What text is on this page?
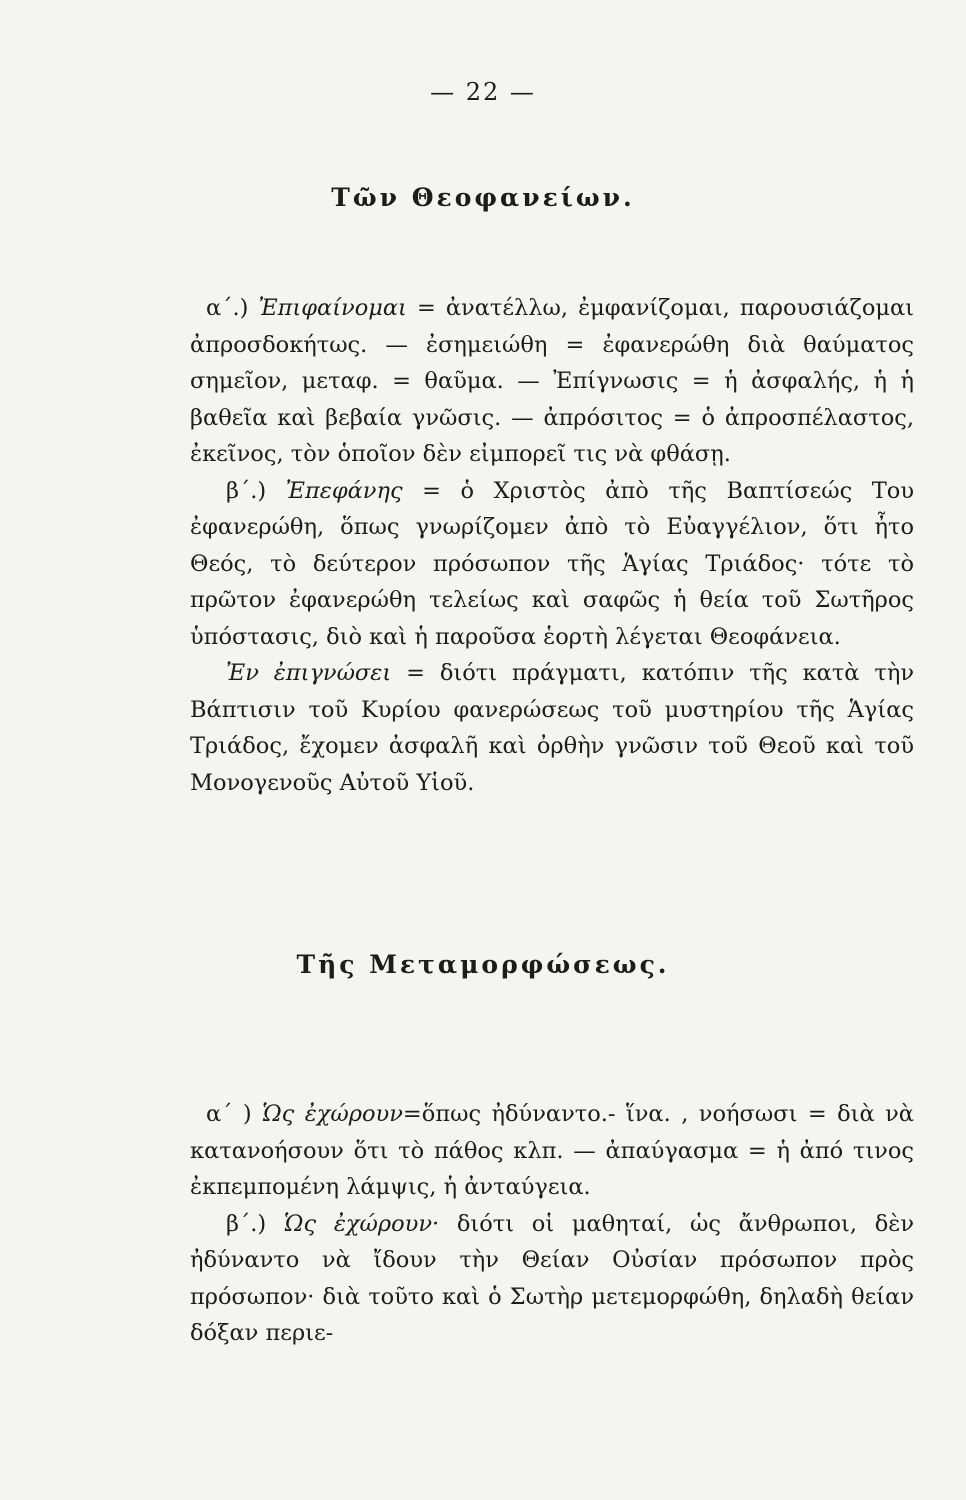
— 22 —
Τῶν Θεοφανείων.

α΄.) Ἐπιφαίνομαι = ἀνατέλλω, ἐμφανίζομαι, παρουσιάζομαι ἀπροσδοκήτως. — ἐσημειώθη = ἐφανερώθη διὰ θαύματος σημεῖον, μεταφ. = θαῦμα. — Ἐπίγνωσις = ἡ ἀσφαλής, ἡ ἡ βαθεῖα καὶ βεβαία γνῶσις. — ἀπρόσιτος = ὁ ἀπροσπέλαστος, ἐκεῖνος, τὸν ὁποῖον δὲν εἰμπορεῖ τις νὰ φθάσῃ.

β΄.) Ἐπεφάνης = ὁ Χριστὸς ἀπὸ τῆς Βαπτίσεώς Του ἐφανερώθη, ὅπως γνωρίζομεν ἀπὸ τὸ Εὐαγγέλιον, ὅτι ἦτο Θεός, τὸ δεύτερον πρόσωπον τῆς Ἁγίας Τριάδος· τότε τὸ πρῶτον ἐφανερώθη τελείως καὶ σαφῶς ἡ θεία τοῦ Σωτῆρος ὑπόστασις, διὸ καὶ ἡ παροῦσα ἑορτὴ λέγεται Θεοφάνεια.

Ἐν ἐπιγνώσει = διότι πράγματι, κατόπιν τῆς κατὰ τὴν Βάπτισιν τοῦ Κυρίου φανερώσεως τοῦ μυστηρίου τῆς Ἁγίας Τριάδος, ἔχομεν ἀσφαλῆ καὶ ὀρθὴν γνῶσιν τοῦ Θεοῦ καὶ τοῦ Μονογενοῦς Αὐτοῦ Υἱοῦ.

Τῆς Μεταμορφώσεως.

α΄ ) Ὡς ἐχώρουν=ὅπως ἠδύναντο.- ἵνα. , νοήσωσι = διὰ νὰ κατανοήσουν ὅτι τὸ πάθος κλπ. — ἀπαύγασμα = ἡ ἀπό τινος ἐκπεμπομένη λάμψις, ἡ ἀνταύγεια.

β΄.) Ὡς ἐχώρουν· διότι οἱ μαθηταί, ὡς ἄνθρωποι, δὲν ἠδύναντο νὰ ἴδουν τὴν Θείαν Οὐσίαν πρόσωπον πρὸς πρόσωπον· διὰ τοῦτο καὶ ὁ Σωτὴρ μετεμορφώθη, δηλαδὴ θείαν δόξαν περιε-
